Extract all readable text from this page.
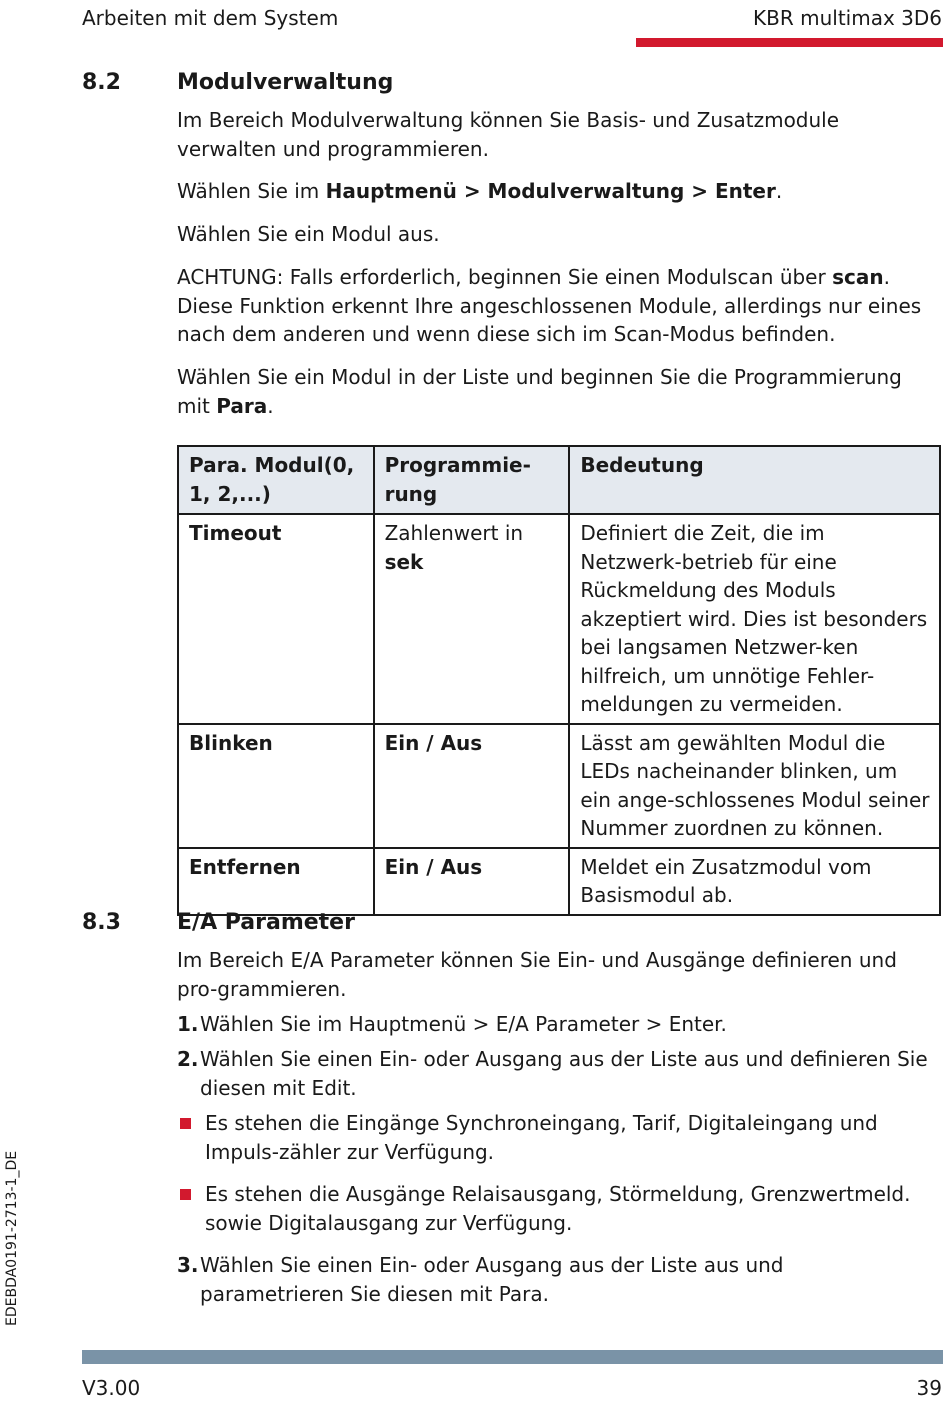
Arbeiten mit dem System	KBR multimax 3D6
8.2	Modulverwaltung

Im Bereich Modulverwaltung können Sie Basis- und Zusatzmodule verwalten und programmieren.

Wählen Sie im Hauptmenü > Modulverwaltung > Enter.

Wählen Sie ein Modul aus.

ACHTUNG: Falls erforderlich, beginnen Sie einen Modulscan über scan. Diese Funktion erkennt Ihre angeschlossenen Module, allerdings nur eines nach dem anderen und wenn diese sich im Scan-Modus befinden.

Wählen Sie ein Modul in der Liste und beginnen Sie die Programmierung mit Para.

Para. Modul(0, 1, 2,...)	Programmie-rung	Bedeutung
Timeout	Zahlenwert in sek	Definiert die Zeit, die im Netzwerk-betrieb für eine Rückmeldung des Moduls akzeptiert wird. Dies ist besonders bei langsamen Netzwer-ken hilfreich, um unnötige Fehler-meldungen zu vermeiden.
Blinken	Ein / Aus	Lässt am gewählten Modul die LEDs nacheinander blinken, um ein ange-schlossenes Modul seiner Nummer zuordnen zu können.
Entfernen	Ein / Aus	Meldet ein Zusatzmodul vom Basismodul ab.
8.3	E/A Parameter

Im Bereich E/A Parameter können Sie Ein- und Ausgänge definieren und pro-grammieren.

1.Wählen Sie im Hauptmenü > E/A Parameter > Enter.
2.Wählen Sie einen Ein- oder Ausgang aus der Liste aus und definieren Sie diesen mit Edit.
Es stehen die Eingänge Synchroneingang, Tarif, Digitaleingang und Impuls-zähler zur Verfügung.
Es stehen die Ausgänge Relaisausgang, Störmeldung, Grenzwertmeld. sowie Digitalausgang zur Verfügung.
3.Wählen Sie einen Ein- oder Ausgang aus der Liste aus und parametrieren Sie diesen mit Para.
EDEBDA0191-2713-1_DE
V3.00	39
